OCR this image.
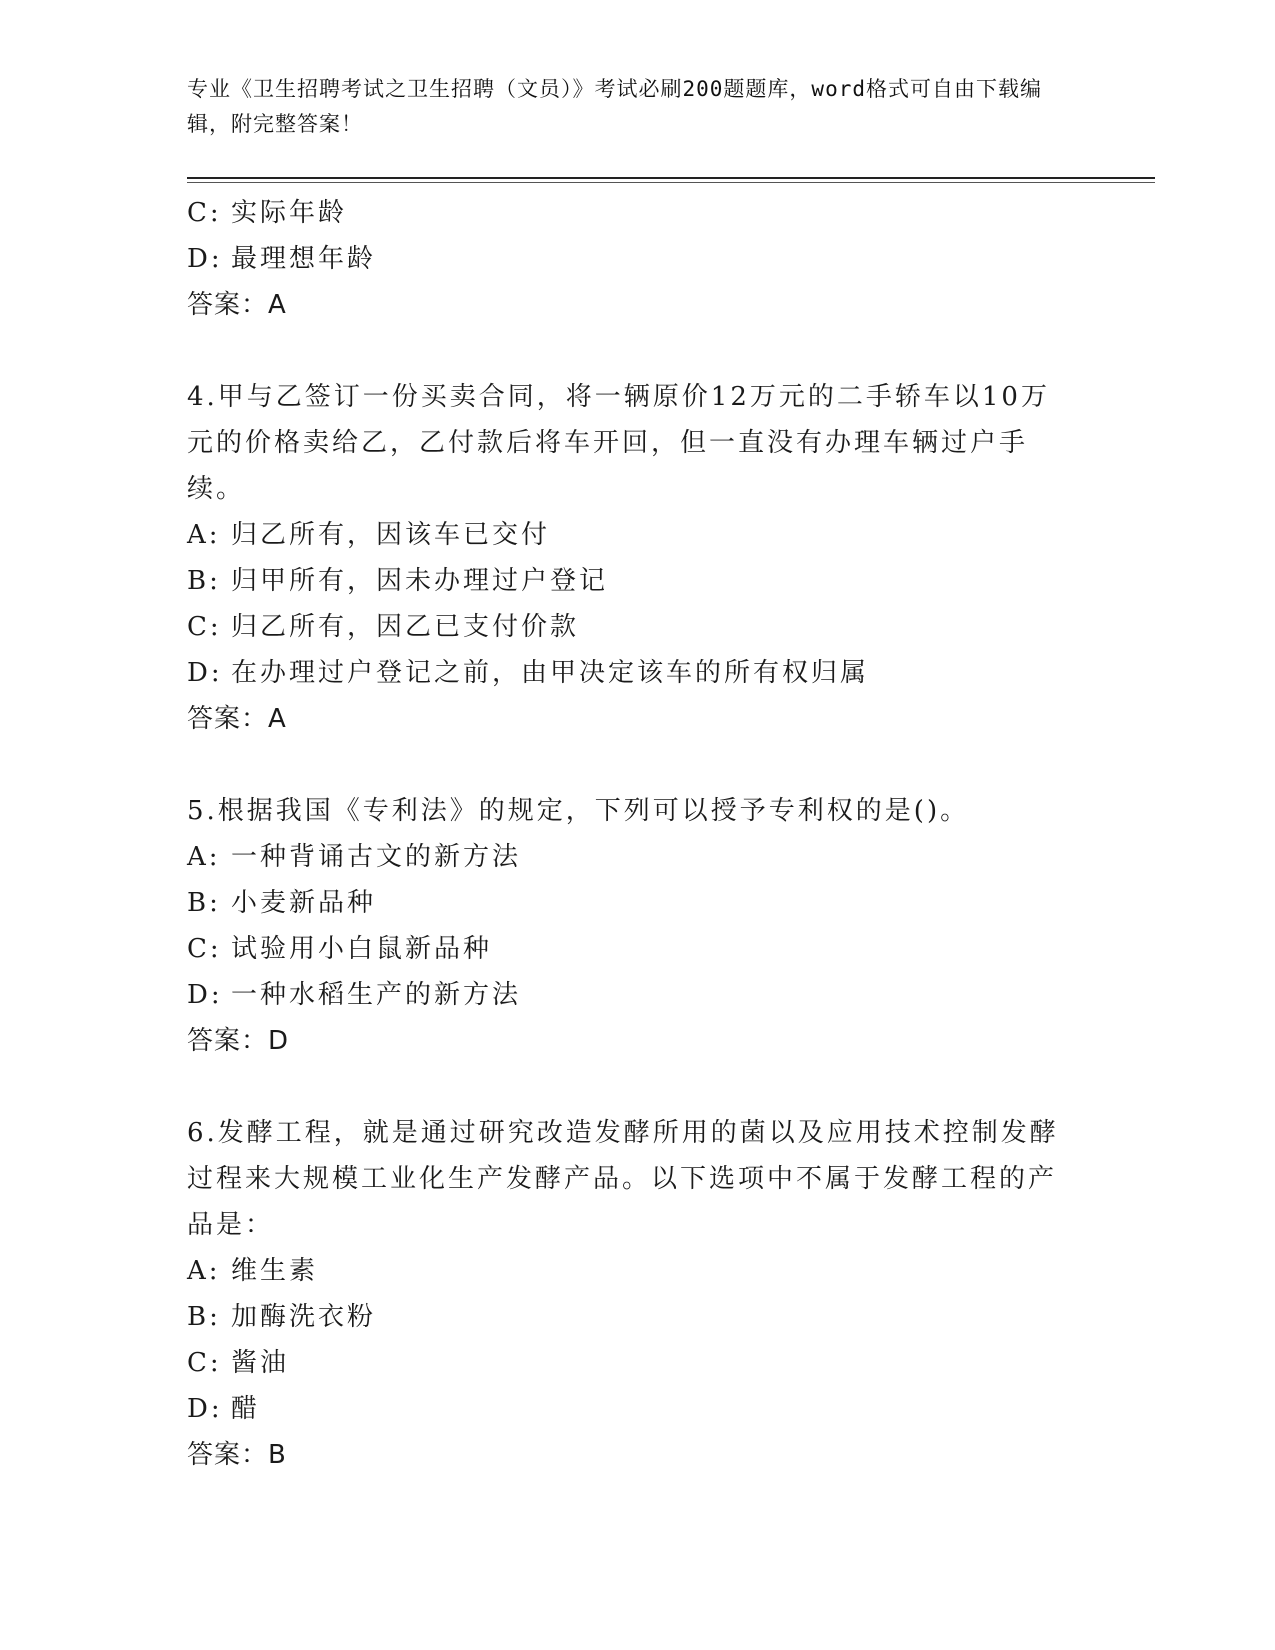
专业《卫生招聘考试之卫生招聘（文员）》考试必刷200题题库，word格式可自由下载编辑，附完整答案！
C: 实际年龄
D: 最理想年龄
答案：A
4.甲与乙签订一份买卖合同，将一辆原价12万元的二手轿车以10万元的价格卖给乙，乙付款后将车开回，但一直没有办理车辆过户手续。
A: 归乙所有，因该车已交付
B: 归甲所有，因未办理过户登记
C: 归乙所有，因乙已支付价款
D: 在办理过户登记之前，由甲决定该车的所有权归属
答案：A
5.根据我国《专利法》的规定，下列可以授予专利权的是()。
A: 一种背诵古文的新方法
B: 小麦新品种
C: 试验用小白鼠新品种
D: 一种水稻生产的新方法
答案：D
6.发酵工程，就是通过研究改造发酵所用的菌以及应用技术控制发酵过程来大规模工业化生产发酵产品。以下选项中不属于发酵工程的产品是：
A: 维生素
B: 加酶洗衣粉
C: 酱油
D: 醋
答案：B
